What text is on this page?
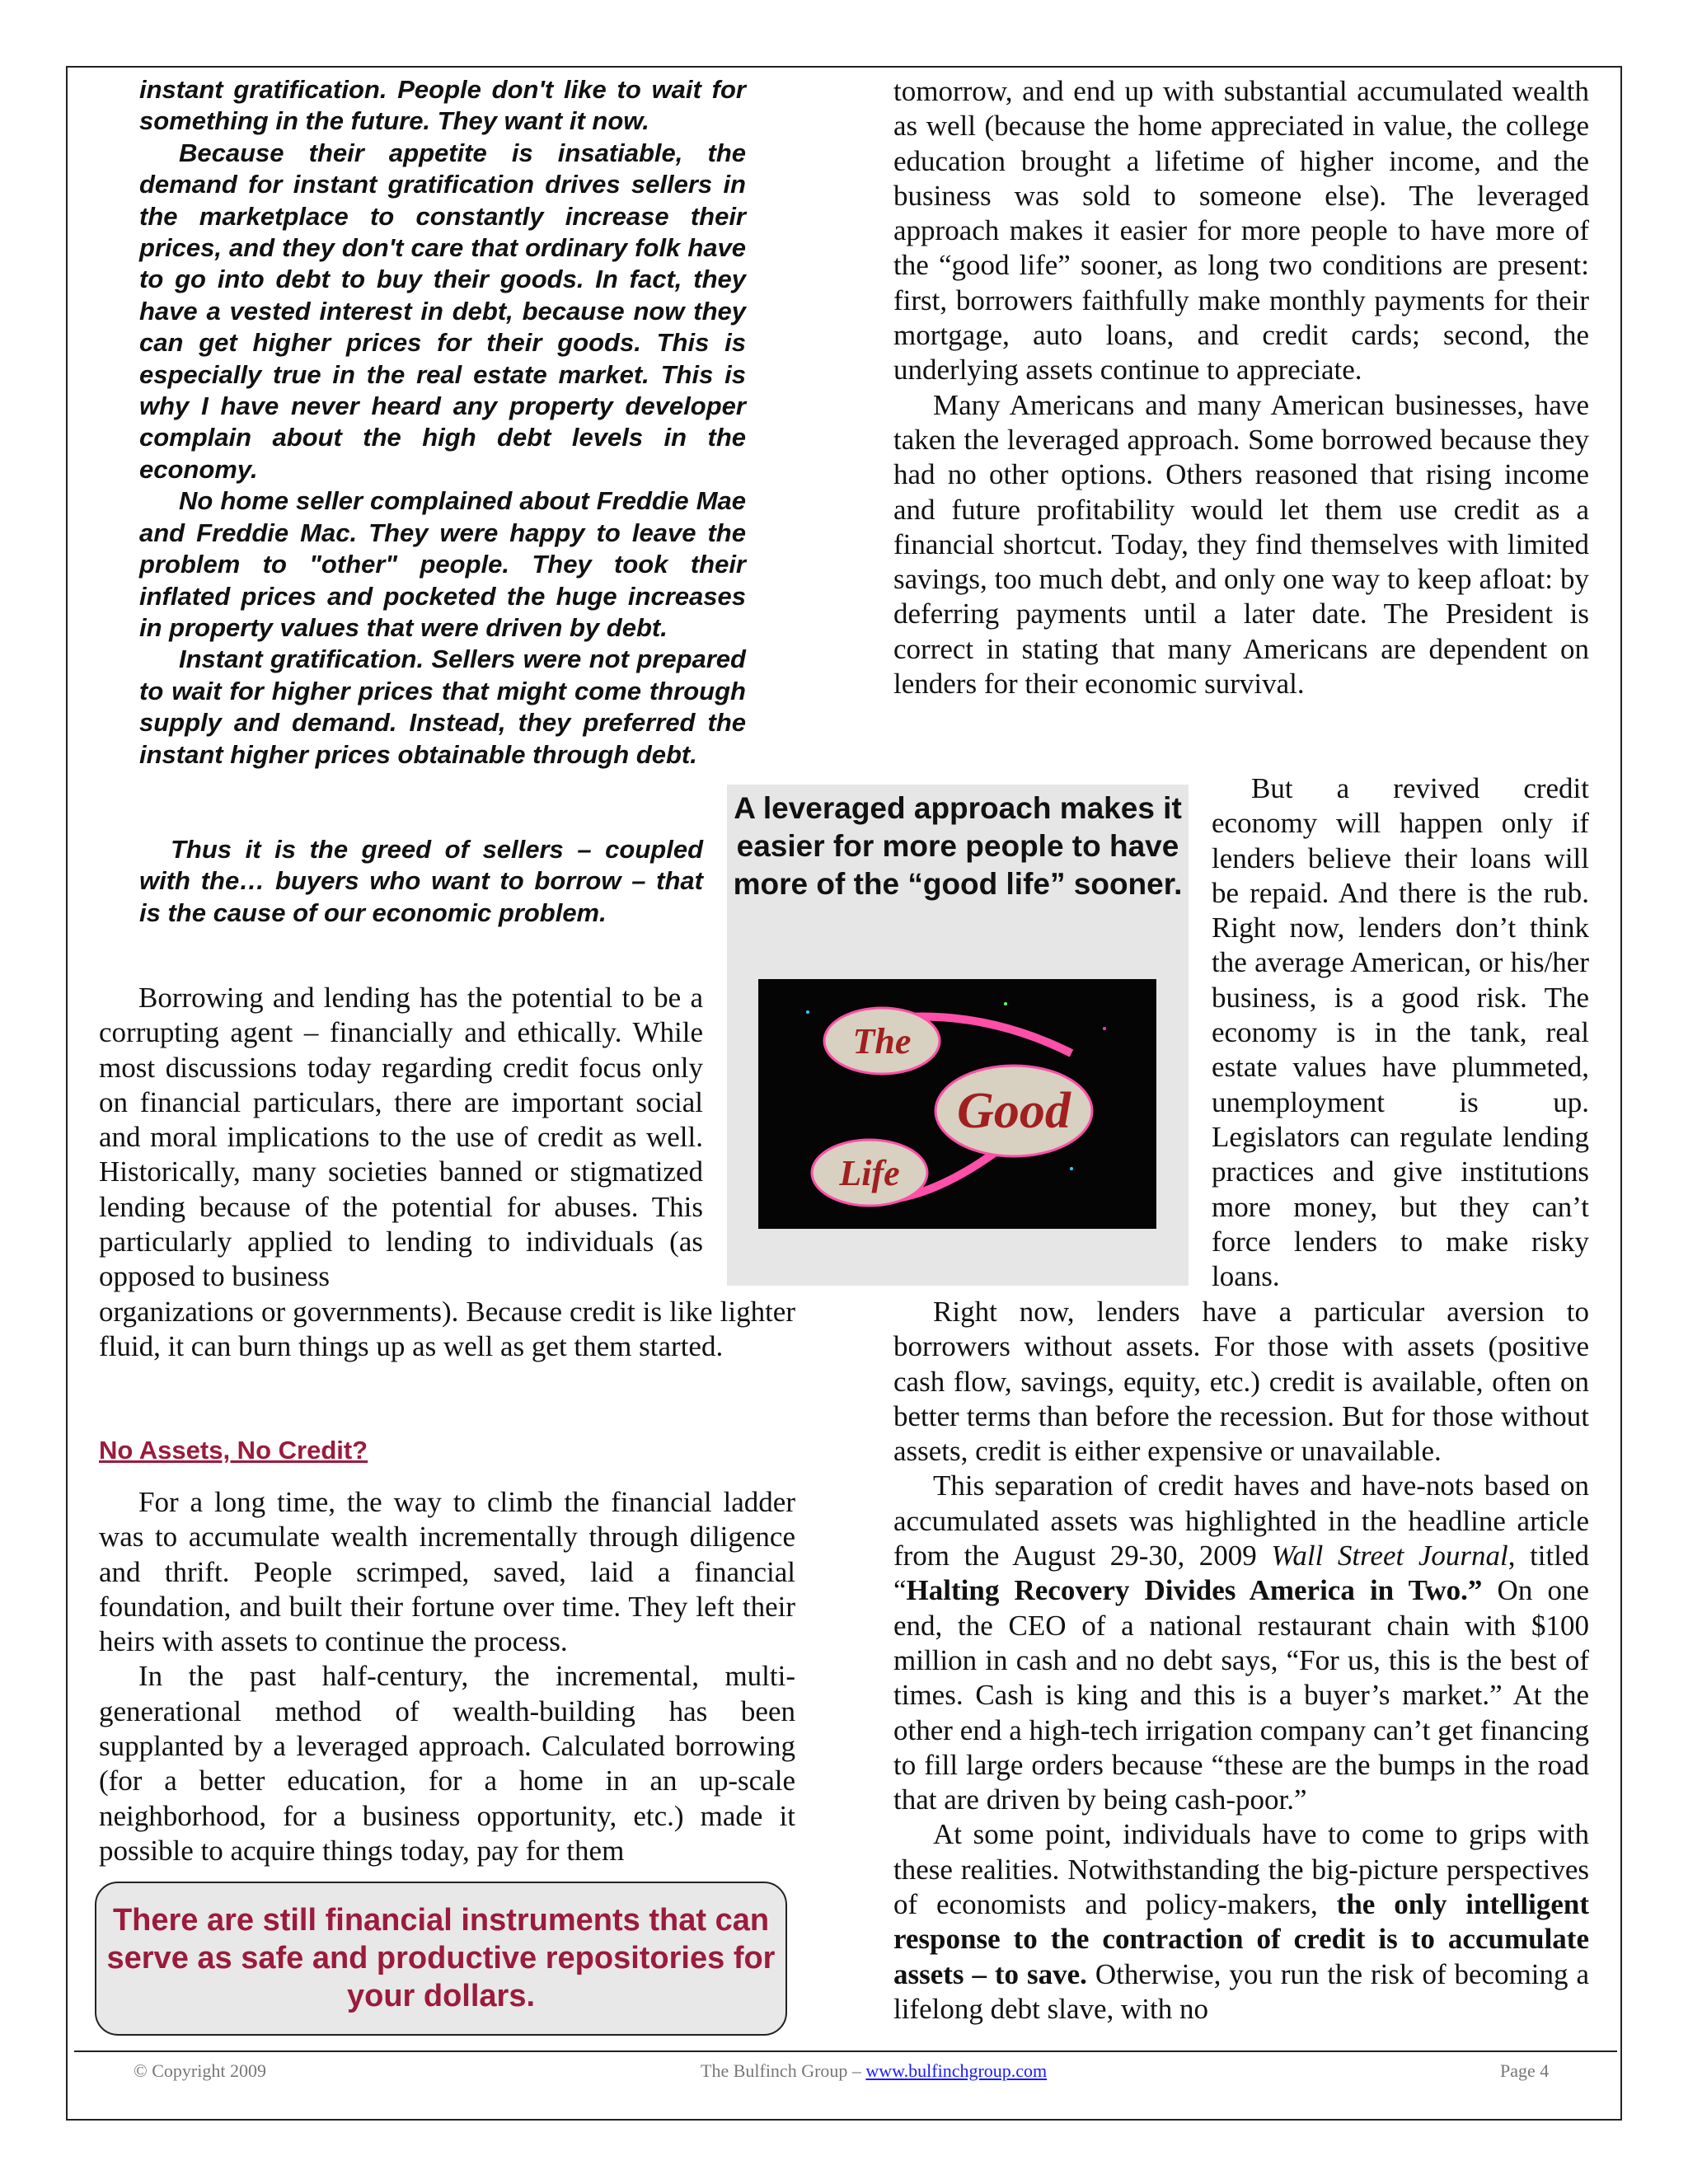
instant gratification. People don't like to wait for something in the future. They want it now.

Because their appetite is insatiable, the demand for instant gratification drives sellers in the marketplace to constantly increase their prices, and they don't care that ordinary folk have to go into debt to buy their goods. In fact, they have a vested interest in debt, because now they can get higher prices for their goods. This is especially true in the real estate market. This is why I have never heard any property developer complain about the high debt levels in the economy.

No home seller complained about Freddie Mae and Freddie Mac. They were happy to leave the problem to "other" people. They took their inflated prices and pocketed the huge increases in property values that were driven by debt.

Instant gratification. Sellers were not prepared to wait for higher prices that might come through supply and demand. Instead, they preferred the instant higher prices obtainable through debt.

Thus it is the greed of sellers – coupled with the… buyers who want to borrow – that is the cause of our economic problem.

Borrowing and lending has the potential to be a corrupting agent – financially and ethically. While most discussions today regarding credit focus only on financial particulars, there are important social and moral implications to the use of credit as well. Historically, many societies banned or stigmatized lending because of the potential for abuses. This particularly applied to lending to individuals (as opposed to business

organizations or governments). Because credit is like lighter fluid, it can burn things up as well as get them started.

No Assets, No Credit?

For a long time, the way to climb the financial ladder was to accumulate wealth incrementally through diligence and thrift. People scrimped, saved, laid a financial foundation, and built their fortune over time. They left their heirs with assets to continue the process.

In the past half-century, the incremental, multi-generational method of wealth-building has been supplanted by a leveraged approach. Calculated borrowing (for a better education, for a home in an up-scale neighborhood, for a business opportunity, etc.) made it possible to acquire things today, pay for them

A leveraged approach makes it easier for more people to have more of the “good life” sooner.
The
Good
Life

tomorrow, and end up with substantial accumulated wealth as well (because the home appreciated in value, the college education brought a lifetime of higher income, and the business was sold to someone else). The leveraged approach makes it easier for more people to have more of the “good life” sooner, as long two conditions are present: first, borrowers faithfully make monthly payments for their mortgage, auto loans, and credit cards; second, the underlying assets continue to appreciate.

Many Americans and many American businesses, have taken the leveraged approach. Some borrowed because they had no other options. Others reasoned that rising income and future profitability would let them use credit as a financial shortcut. Today, they find themselves with limited savings, too much debt, and only one way to keep afloat: by deferring payments until a later date. The President is correct in stating that many Americans are dependent on lenders for their economic survival.

But a revived credit economy will happen only if lenders believe their loans will be repaid. And there is the rub. Right now, lenders don’t think the average American, or his/her business, is a good risk. The economy is in the tank, real estate values have plummeted, unemployment is up. Legislators can regulate lending practices and give institutions more money, but they can’t force lenders to make risky loans.

Right now, lenders have a particular aversion to borrowers without assets. For those with assets (positive cash flow, savings, equity, etc.) credit is available, often on better terms than before the recession. But for those without assets, credit is either expensive or unavailable.

This separation of credit haves and have-nots based on accumulated assets was highlighted in the headline article from the August 29-30, 2009 Wall Street Journal, titled “Halting Recovery Divides America in Two.” On one end, the CEO of a national restaurant chain with $100 million in cash and no debt says, “For us, this is the best of times. Cash is king and this is a buyer’s market.” At the other end a high-tech irrigation company can’t get financing to fill large orders because “these are the bumps in the road that are driven by being cash-poor.”

At some point, individuals have to come to grips with these realities. Notwithstanding the big-picture perspectives of economists and policy-makers, the only intelligent response to the contraction of credit is to accumulate assets – to save. Otherwise, you run the risk of becoming a lifelong debt slave, with no

There are still financial instruments that can serve as safe and productive repositories for your dollars.
© Copyright 2009	The Bulfinch Group – www.bulfinchgroup.com	Page 4
